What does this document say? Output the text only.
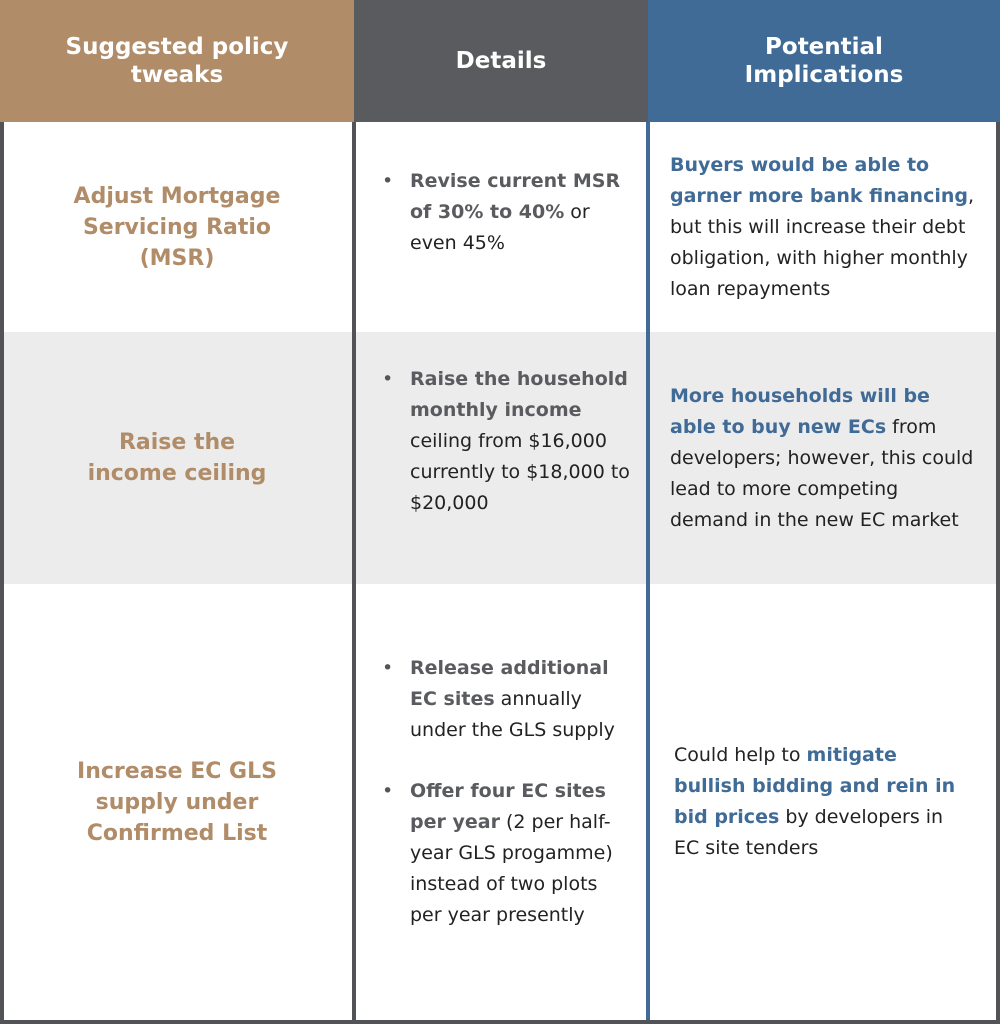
Suggested policy tweaks
Details
Potential Implications
Adjust Mortgage Servicing Ratio (MSR)
• Revise current MSR of 30% to 40% or even 45%
Buyers would be able to garner more bank financing, but this will increase their debt obligation, with higher monthly loan repayments
Raise the income ceiling
• Raise the household monthly income ceiling from $16,000 currently to $18,000 to $20,000
More households will be able to buy new ECs from developers; however, this could lead to more competing demand in the new EC market
Increase EC GLS supply under Confirmed List
• Release additional EC sites annually under the GLS supply
• Offer four EC sites per year (2 per half-year GLS progamme) instead of two plots per year presently
Could help to mitigate bullish bidding and rein in bid prices by developers in EC site tenders
